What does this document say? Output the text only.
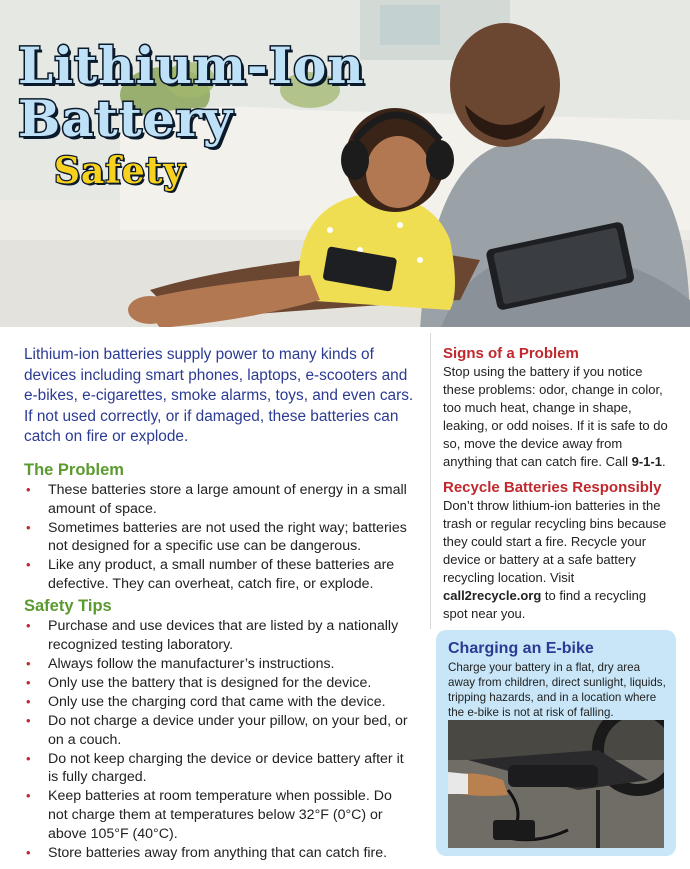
Lithium-Ion
Battery
Safety

Lithium-ion batteries supply power to many kinds of devices including smart phones, laptops, e-scooters and e-bikes, e-cigarettes, smoke alarms, toys, and even cars. If not used correctly, or if damaged, these batteries can catch on fire or explode.

The Problem
• These batteries store a large amount of energy in a small amount of space.
• Sometimes batteries are not used the right way; batteries not designed for a specific use can be dangerous.
• Like any product, a small number of these batteries are defective. They can overheat, catch fire, or explode.
Safety Tips
• Purchase and use devices that are listed by a nationally recognized testing laboratory.
• Always follow the manufacturer’s instructions.
• Only use the battery that is designed for the device.
• Only use the charging cord that came with the device.
• Do not charge a device under your pillow, on your bed, or on a couch.
• Do not keep charging the device or device battery after it is fully charged.
• Keep batteries at room temperature when possible. Do not charge them at temperatures below 32°F (0°C) or above 105°F (40°C).
• Store batteries away from anything that can catch fire.
Signs of a Problem

Stop using the battery if you notice these problems: odor, change in color, too much heat, change in shape, leaking, or odd noises. If it is safe to do so, move the device away from anything that can catch fire. Call 9-1-1.

Recycle Batteries Responsibly

Don’t throw lithium-ion batteries in the trash or regular recycling bins because they could start a fire. Recycle your device or battery at a safe battery recycling location. Visit call2recycle.org to find a recycling spot near you.

Charging an E-bike
Charge your battery in a flat, dry area away from children, direct sunlight, liquids, tripping hazards, and in a location where the e-bike is not at risk of falling.
